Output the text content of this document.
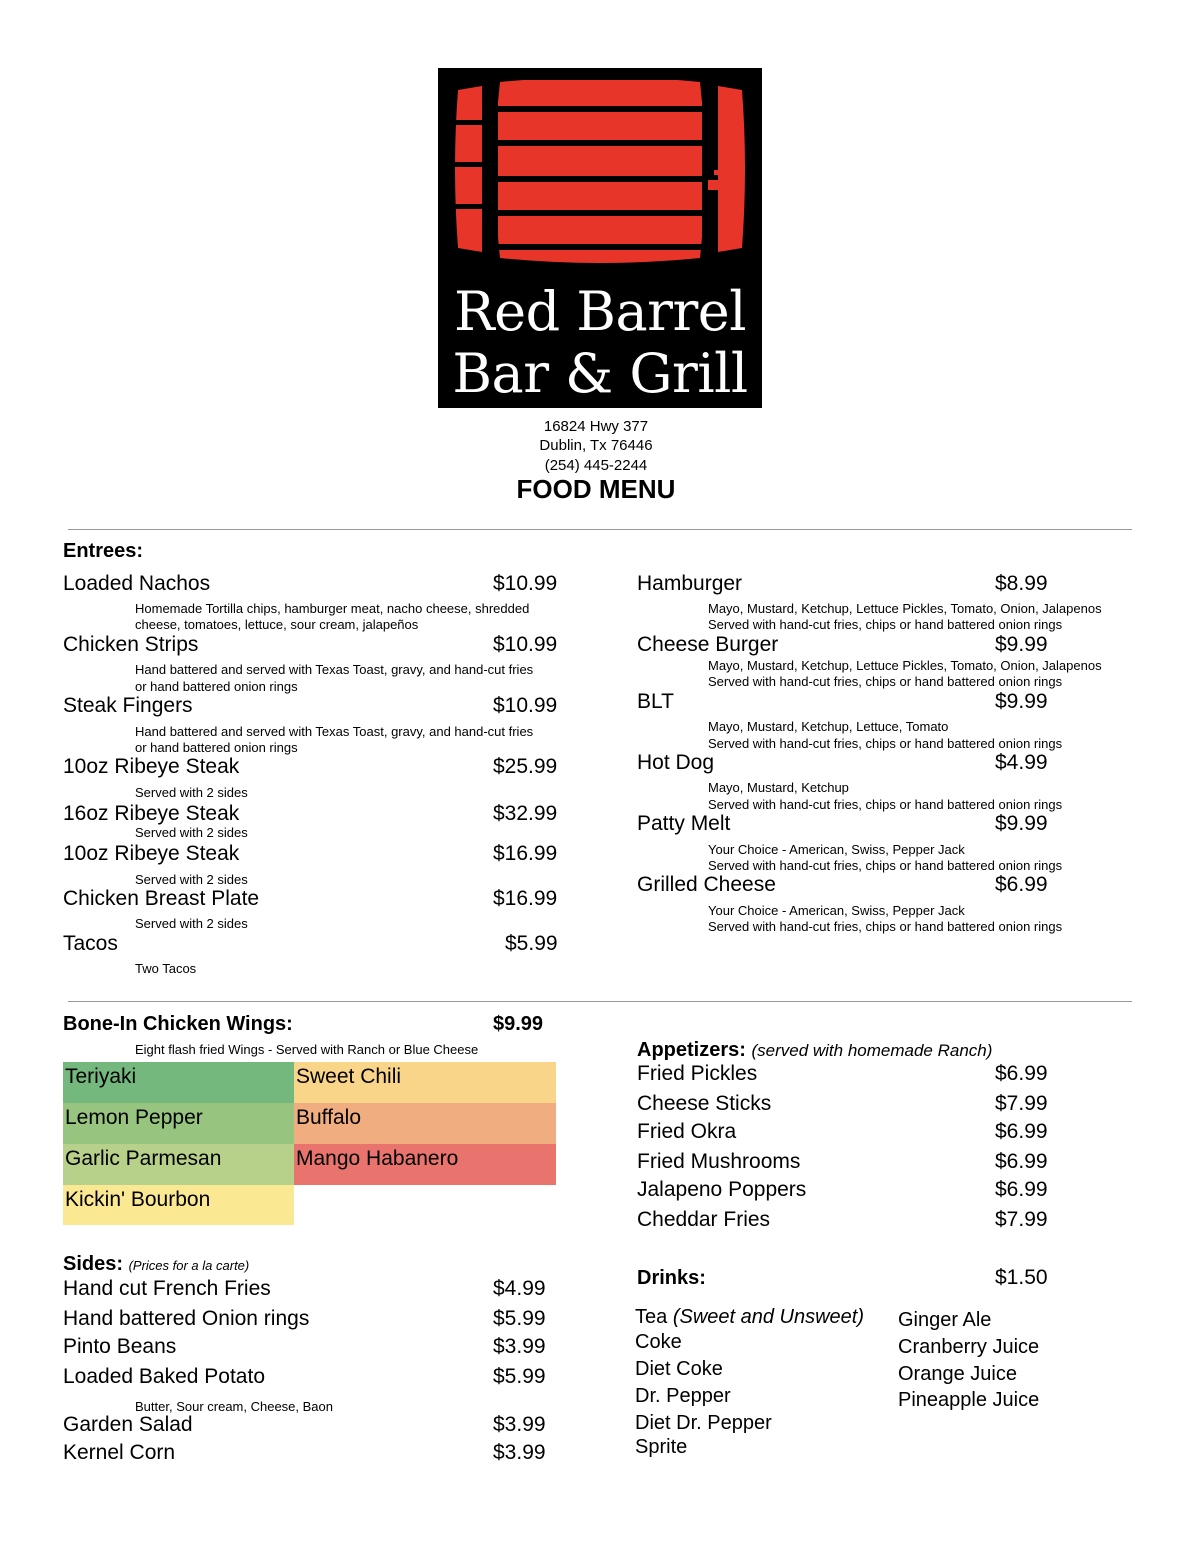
Red Barrel
Bar & Grill
16824 Hwy 377
Dublin, Tx 76446
(254) 445-2244
FOOD MENU
Entrees:
Loaded Nachos	$10.99
Homemade Tortilla chips, hamburger meat, nacho cheese, shredded
cheese, tomatoes, lettuce, sour cream, jalapeños
Chicken Strips	$10.99
Hand battered and served with Texas Toast, gravy, and hand-cut fries
or hand battered onion rings
Steak Fingers	$10.99
Hand battered and served with Texas Toast, gravy, and hand-cut fries
or hand battered onion rings
10oz Ribeye Steak	$25.99
Served with 2 sides
16oz Ribeye Steak	$32.99
Served with 2 sides
10oz Ribeye Steak	$16.99
Served with 2 sides
Chicken Breast Plate	$16.99
Served with 2 sides
Tacos	$5.99
Two Tacos
Hamburger	$8.99
Mayo, Mustard, Ketchup, Lettuce Pickles, Tomato, Onion, Jalapenos
Served with hand-cut fries, chips or hand battered onion rings
Cheese Burger	$9.99
Mayo, Mustard, Ketchup, Lettuce Pickles, Tomato, Onion, Jalapenos
Served with hand-cut fries, chips or hand battered onion rings
BLT	$9.99
Mayo, Mustard, Ketchup, Lettuce, Tomato
Served with hand-cut fries, chips or hand battered onion rings
Hot Dog	$4.99
Mayo, Mustard, Ketchup
Served with hand-cut fries, chips or hand battered onion rings
Patty Melt	$9.99
Your Choice - American, Swiss, Pepper Jack
Served with hand-cut fries, chips or hand battered onion rings
Grilled Cheese	$6.99
Your Choice - American, Swiss, Pepper Jack
Served with hand-cut fries, chips or hand battered onion rings
Bone-In Chicken Wings:	$9.99
Eight flash fried Wings - Served with Ranch or Blue Cheese
Teriyaki	Sweet Chili
Lemon Pepper	Buffalo
Garlic Parmesan	Mango Habanero
Kickin' Bourbon
Appetizers: (served with homemade Ranch)
Fried Pickles	$6.99
Cheese Sticks	$7.99
Fried Okra	$6.99
Fried Mushrooms	$6.99
Jalapeno Poppers	$6.99
Cheddar Fries	$7.99
Sides: (Prices for a la carte)
Hand cut French Fries	$4.99
Hand battered Onion rings	$5.99
Pinto Beans	$3.99
Loaded Baked Potato	$5.99
Butter, Sour cream, Cheese, Baon
Garden Salad	$3.99
Kernel Corn	$3.99
Drinks:	$1.50
Tea (Sweet and Unsweet)
Coke
Diet Coke
Dr. Pepper
Diet Dr. Pepper
Sprite
Ginger Ale
Cranberry Juice
Orange Juice
Pineapple Juice
